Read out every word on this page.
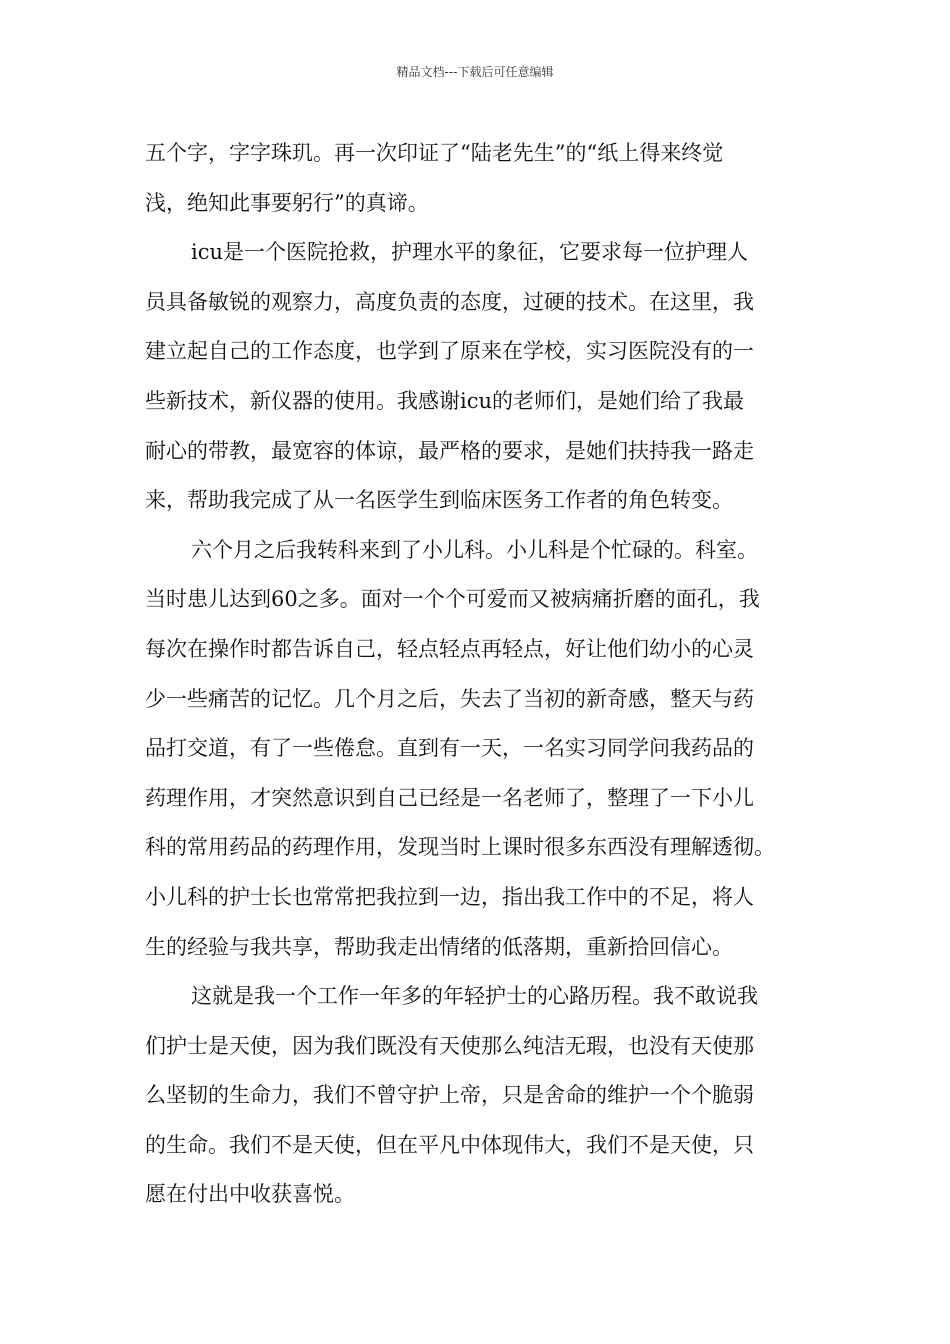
精品文档---下载后可任意编辑
五个字，字字珠玑。再一次印证了“陆老先生”的“纸上得来终觉
浅，绝知此事要躬行”的真谛。
icu是一个医院抢救，护理水平的象征，它要求每一位护理人
员具备敏锐的观察力，高度负责的态度，过硬的技术。在这里，我
建立起自己的工作态度，也学到了原来在学校，实习医院没有的一
些新技术，新仪器的使用。我感谢icu的老师们，是她们给了我最
耐心的带教，最宽容的体谅，最严格的要求，是她们扶持我一路走
来，帮助我完成了从一名医学生到临床医务工作者的角色转变。
六个月之后我转科来到了小儿科。小儿科是个忙碌的。科室。
当时患儿达到60之多。面对一个个可爱而又被病痛折磨的面孔，我
每次在操作时都告诉自己，轻点轻点再轻点，好让他们幼小的心灵
少一些痛苦的记忆。几个月之后，失去了当初的新奇感，整天与药
品打交道，有了一些倦怠。直到有一天，一名实习同学问我药品的
药理作用，才突然意识到自己已经是一名老师了，整理了一下小儿
科的常用药品的药理作用，发现当时上课时很多东西没有理解透彻。
小儿科的护士长也常常把我拉到一边，指出我工作中的不足，将人
生的经验与我共享，帮助我走出情绪的低落期，重新拾回信心。
这就是我一个工作一年多的年轻护士的心路历程。我不敢说我
们护士是天使，因为我们既没有天使那么纯洁无瑕，也没有天使那
么坚韧的生命力，我们不曾守护上帝，只是舍命的维护一个个脆弱
的生命。我们不是天使，但在平凡中体现伟大，我们不是天使，只
愿在付出中收获喜悦。
